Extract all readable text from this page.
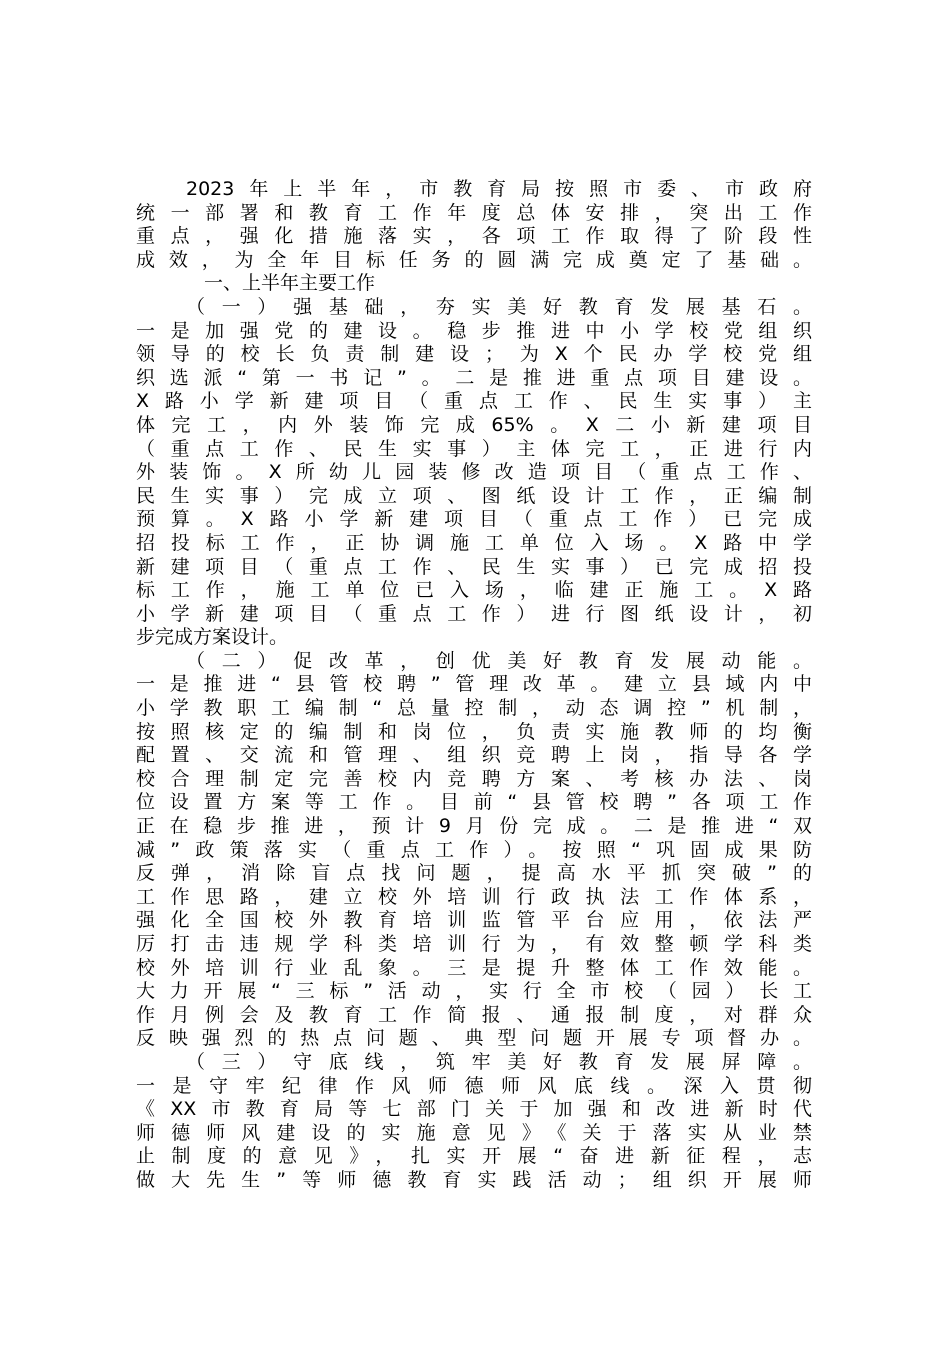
2023年上半年，市教育局按照市委、市政府
统一部署和教育工作年度总体安排，突出工作
重点，强化措施落实，各项工作取得了阶段性
成效，为全年目标任务的圆满完成奠定了基础。
一、上半年主要工作
（一）强基础，夯实美好教育发展基石。
一是加强党的建设。稳步推进中小学校党组织
领导的校长负责制建设；为X个民办学校党组
织选派“第一书记”。二是推进重点项目建设。
X路小学新建项目（重点工作、民生实事）主
体完工，内外装饰完成65%。X二小新建项目
（重点工作、民生实事）主体完工，正进行内
外装饰。X所幼儿园装修改造项目（重点工作、
民生实事）完成立项、图纸设计工作，正编制
预算。X路小学新建项目（重点工作）已完成
招投标工作，正协调施工单位入场。X路中学
新建项目（重点工作、民生实事）已完成招投
标工作，施工单位已入场，临建正施工。X路
小学新建项目（重点工作）进行图纸设计，初
步完成方案设计。
（二）促改革，创优美好教育发展动能。
一是推进“县管校聘”管理改革。建立县域内中
小学教职工编制“总量控制，动态调控”机制，
按照核定的编制和岗位，负责实施教师的均衡
配置、交流和管理、组织竞聘上岗，指导各学
校合理制定完善校内竞聘方案、考核办法、岗
位设置方案等工作。目前“县管校聘”各项工作
正在稳步推进，预计9月份完成。二是推进“双
减”政策落实（重点工作）。按照“巩固成果防
反弹，消除盲点找问题，提高水平抓突破”的
工作思路，建立校外培训行政执法工作体系，
强化全国校外教育培训监管平台应用，依法严
厉打击违规学科类培训行为，有效整顿学科类
校外培训行业乱象。三是提升整体工作效能。
大力开展“三标”活动，实行全市校（园）长工
作月例会及教育工作简报、通报制度，对群众
反映强烈的热点问题、典型问题开展专项督办。
（三）守底线，筑牢美好教育发展屏障。
一是守牢纪律作风师德师风底线。深入贯彻
《XX市教育局等七部门关于加强和改进新时代
师德师风建设的实施意见》《关于落实从业禁
止制度的意见》，扎实开展“奋进新征程，志
做大先生”等师德教育实践活动；组织开展师
